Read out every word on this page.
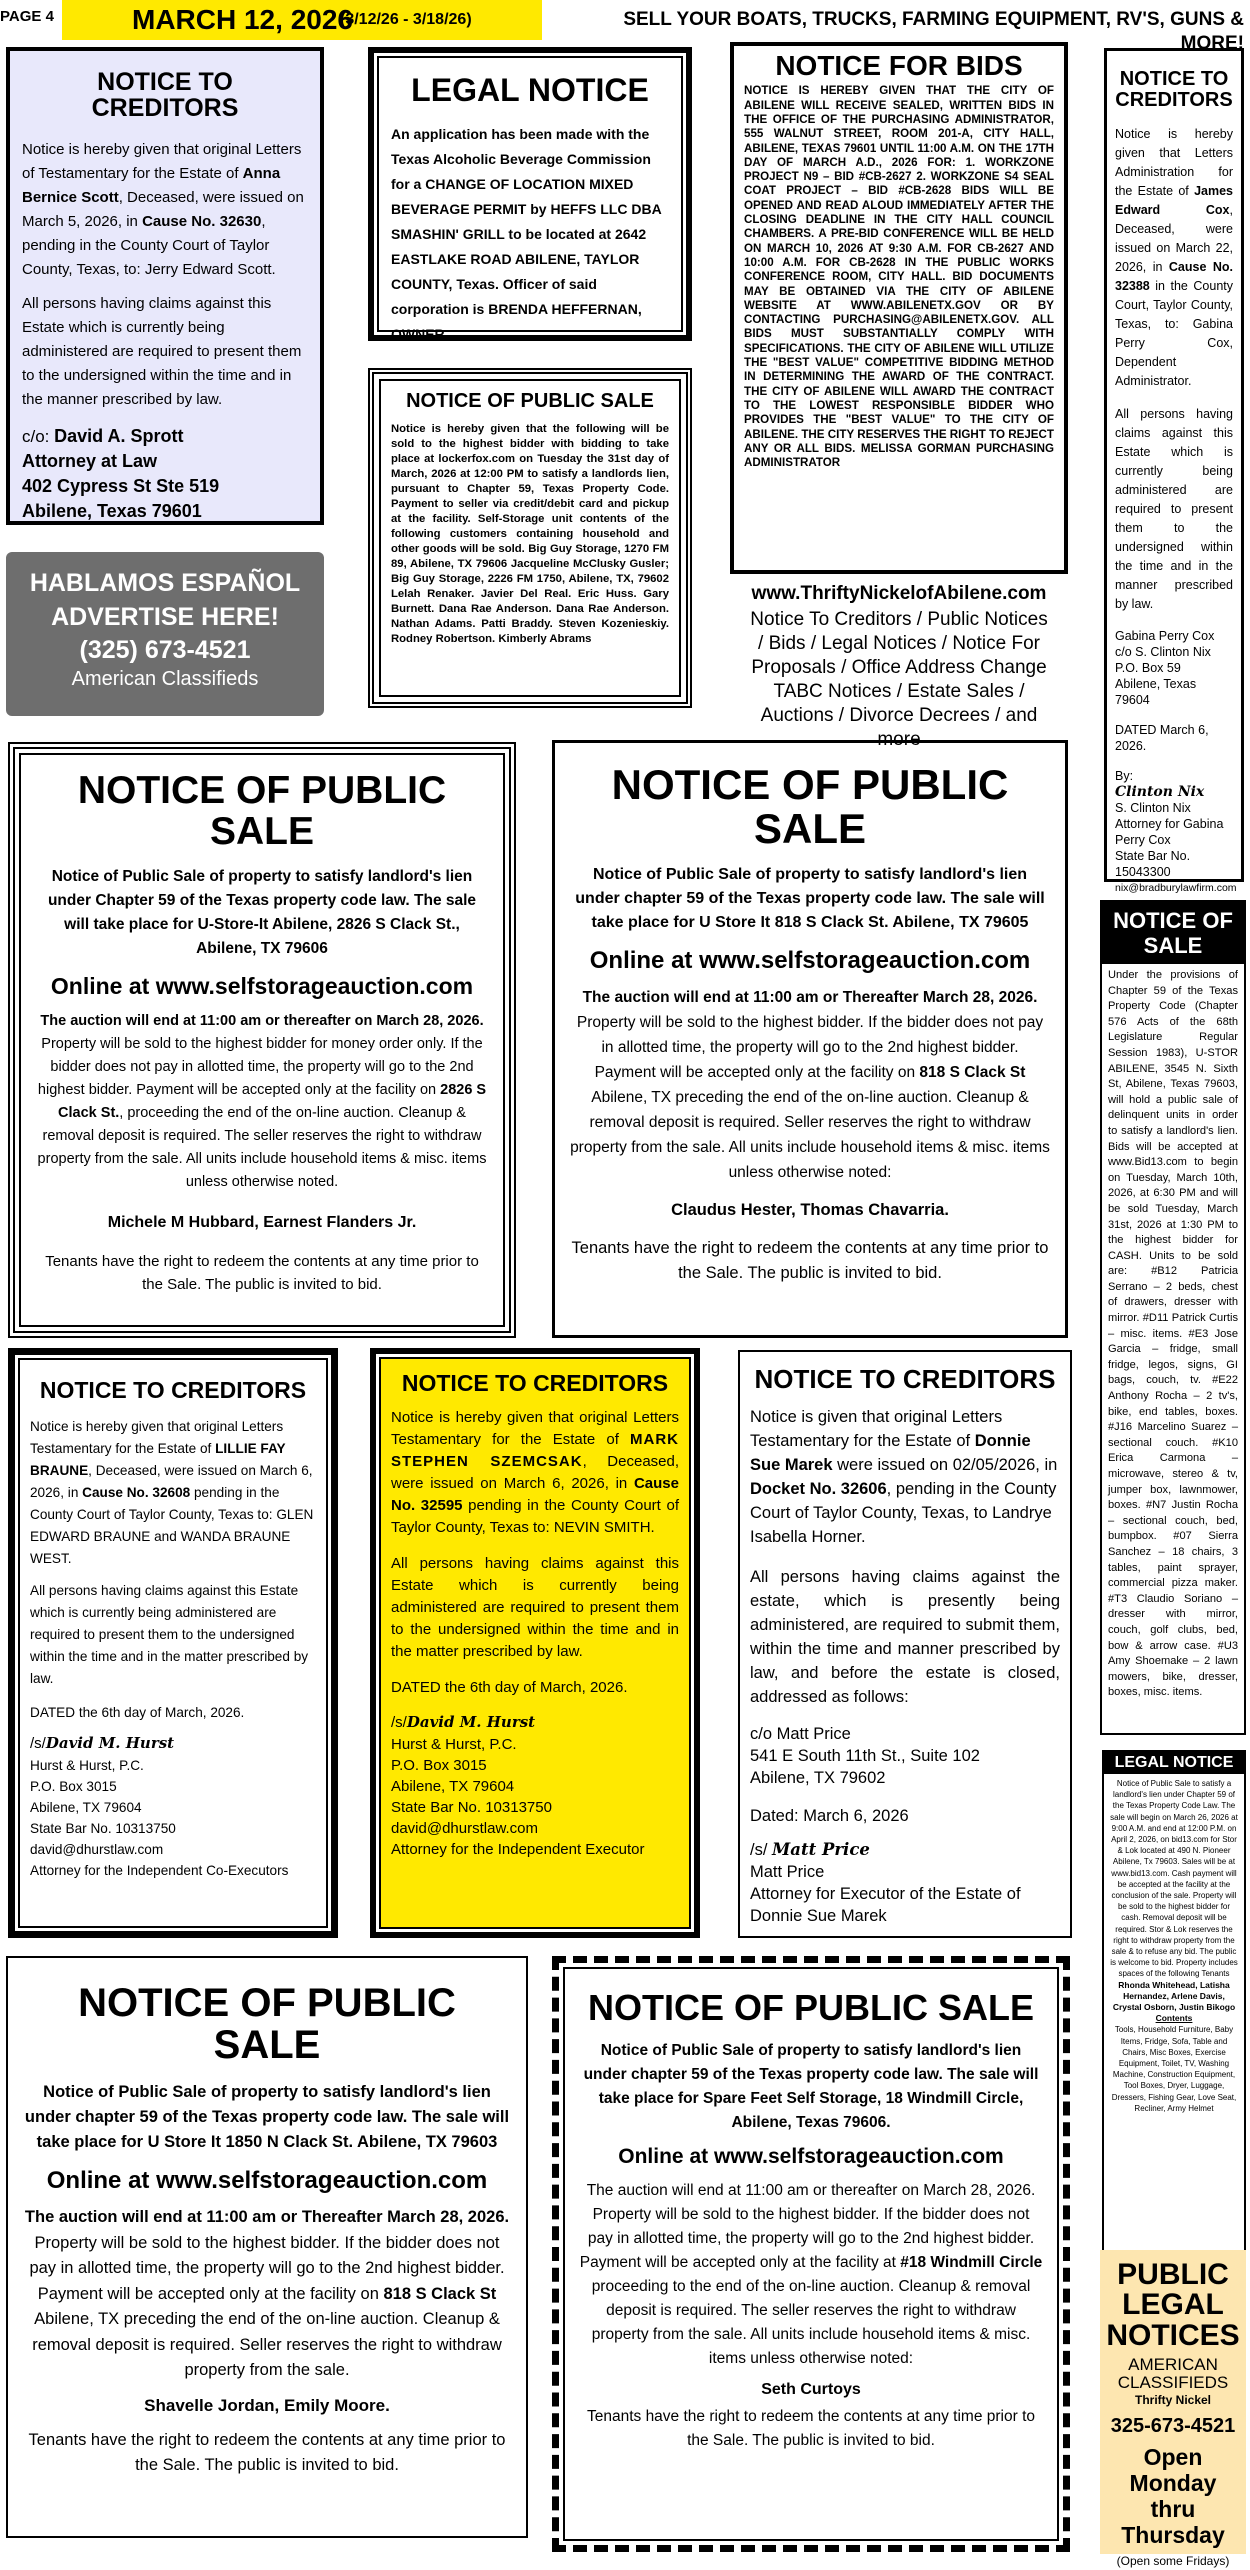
PAGE 4	MARCH 12, 2026
(3/12/26 - 3/18/26)	SELL YOUR BOATS, TRUCKS, FARMING EQUIPMENT, RV'S, GUNS & MORE!
NOTICE TO CREDITORS

Notice is hereby given that original Letters of Testamentary for the Estate of Anna Bernice Scott, Deceased, were issued on March 5, 2026, in Cause No. 32630, pending in the County Court of Taylor County, Texas, to: Jerry Edward Scott.

All persons having claims against this Estate which is currently being administered are required to present them to the undersigned within the time and in the manner prescribed by law.

c/o: David A. Sprott

Attorney at Law

402 Cypress St Ste 519

Abilene, Texas 79601

HABLAMOS ESPAÑOL
ADVERTISE HERE!
(325) 673-4521
American Classifieds
LEGAL NOTICE

An application has been made with the Texas Alcoholic Beverage Commission for a CHANGE OF LOCATION MIXED BEVERAGE PERMIT by HEFFS LLC DBA SMASHIN' GRILL to be located at 2642 EASTLAKE ROAD ABILENE, TAYLOR COUNTY, Texas. Officer of said corporation is BRENDA HEFFERNAN, OWNER.

NOTICE OF PUBLIC SALE

Notice is hereby given that the following will be sold to the highest bidder with bidding to take place at lockerfox.com on Tuesday the 31st day of March, 2026 at 12:00 PM to satisfy a landlords lien, pursuant to Chapter 59, Texas Property Code. Payment to seller via credit/debit card and pickup at the facility. Self-Storage unit contents of the following customers containing household and other goods will be sold. Big Guy Storage, 1270 FM 89, Abilene, TX 79606 Jacqueline McClusky Gusler; Big Guy Storage, 2226 FM 1750, Abilene, TX, 79602 Lelah Renaker. Javier Del Real. Eric Huss. Gary Burnett. Dana Rae Anderson. Dana Rae Anderson. Nathan Adams. Patti Braddy. Steven Kozenieskiy. Rodney Robertson. Kimberly Abrams

NOTICE FOR BIDS

NOTICE IS HEREBY GIVEN THAT THE CITY OF ABILENE WILL RECEIVE SEALED, WRITTEN BIDS IN THE OFFICE OF THE PURCHASING ADMINISTRATOR, 555 WALNUT STREET, ROOM 201-A, CITY HALL, ABILENE, TEXAS 79601 UNTIL 11:00 A.M. ON THE 17TH DAY OF MARCH A.D., 2026 FOR: 1. WORKZONE PROJECT N9 – BID #CB-2627 2. WORKZONE S4 SEAL COAT PROJECT – BID #CB-2628 BIDS WILL BE OPENED AND READ ALOUD IMMEDIATELY AFTER THE CLOSING DEADLINE IN THE CITY HALL COUNCIL CHAMBERS. A PRE-BID CONFERENCE WILL BE HELD ON MARCH 10, 2026 AT 9:30 A.M. FOR CB-2627 AND 10:00 A.M. FOR CB-2628 IN THE PUBLIC WORKS CONFERENCE ROOM, CITY HALL. BID DOCUMENTS MAY BE OBTAINED VIA THE CITY OF ABILENE WEBSITE AT WWW.ABILENETX.GOV OR BY CONTACTING PURCHASING@ABILENETX.GOV. ALL BIDS MUST SUBSTANTIALLY COMPLY WITH SPECIFICATIONS. THE CITY OF ABILENE WILL UTILIZE THE "BEST VALUE" COMPETITIVE BIDDING METHOD IN DETERMINING THE AWARD OF THE CONTRACT. THE CITY OF ABILENE WILL AWARD THE CONTRACT TO THE LOWEST RESPONSIBLE BIDDER WHO PROVIDES THE "BEST VALUE" TO THE CITY OF ABILENE. THE CITY RESERVES THE RIGHT TO REJECT ANY OR ALL BIDS. MELISSA GORMAN PURCHASING ADMINISTRATOR

www.ThriftyNickelofAbilene.com

Notice To Creditors / Public Notices / Bids / Legal Notices / Notice For Proposals / Office Address Change TABC Notices / Estate Sales / Auctions / Divorce Decrees / and more

NOTICE TO CREDITORS

Notice is hereby given that Letters Administration for the Estate of James Edward Cox, Deceased, were issued on March 22, 2026, in Cause No. 32388 in the County Court, Taylor County, Texas, to: Gabina Perry Cox, Dependent Administrator.

All persons having claims against this Estate which is currently being administered are required to present them to the undersigned within the time and in the manner prescribed by law.

Gabina Perry Cox

c/o S. Clinton Nix

P.O. Box 59

Abilene, Texas 79604

DATED March 6, 2026.

By:

Clinton Nix

S. Clinton Nix

Attorney for Gabina Perry Cox

State Bar No. 15043300

nix@bradburylawfirm.com

NOTICE OF PUBLIC SALE

Notice of Public Sale of property to satisfy landlord's lien under Chapter 59 of the Texas property code law. The sale will take place for U-Store-It Abilene, 2826 S Clack St., Abilene, TX 79606

Online at www.selfstorageauction.com

The auction will end at 11:00 am or thereafter on March 28, 2026. Property will be sold to the highest bidder for money order only. If the bidder does not pay in allotted time, the property will go to the 2nd highest bidder. Payment will be accepted only at the facility on 2826 S Clack St., proceeding the end of the on-line auction. Cleanup & removal deposit is required. The seller reserves the right to withdraw property from the sale. All units include household items & misc. items unless otherwise noted.

Michele M Hubbard, Earnest Flanders Jr.

Tenants have the right to redeem the contents at any time prior to the Sale. The public is invited to bid.

NOTICE OF PUBLIC SALE

Notice of Public Sale of property to satisfy landlord's lien under chapter 59 of the Texas property code law. The sale will take place for U Store It 818 S Clack St. Abilene, TX 79605

Online at www.selfstorageauction.com

The auction will end at 11:00 am or Thereafter March 28, 2026. Property will be sold to the highest bidder. If the bidder does not pay in allotted time, the property will go to the 2nd highest bidder. Payment will be accepted only at the facility on 818 S Clack St Abilene, TX preceding the end of the on-line auction. Cleanup & removal deposit is required. Seller reserves the right to withdraw property from the sale. All units include household items & misc. items unless otherwise noted:

Claudus Hester, Thomas Chavarria.

Tenants have the right to redeem the contents at any time prior to the Sale. The public is invited to bid.

NOTICE OF SALE

Under the provisions of Chapter 59 of the Texas Property Code (Chapter 576 Acts of the 68th Legislature Regular Session 1983), U-STOR ABILENE, 3545 N. Sixth St, Abilene, Texas 79603, will hold a public sale of delinquent units in order to satisfy a landlord's lien. Bids will be accepted at www.Bid13.com to begin on Tuesday, March 10th, 2026, at 6:30 PM and will be sold Tuesday, March 31st, 2026 at 1:30 PM to the highest bidder for CASH. Units to be sold are: #B12 Patricia Serrano – 2 beds, chest of drawers, dresser with mirror. #D11 Patrick Curtis – misc. items. #E3 Jose Garcia – fridge, small fridge, legos, signs, GI bags, couch, tv. #E22 Anthony Rocha – 2 tv's, bike, end tables, boxes. #J16 Marcelino Suarez – sectional couch. #K10 Erica Carmona – microwave, stereo & tv, jumper box, lawnmower, boxes. #N7 Justin Rocha – sectional couch, bed, bumpbox. #07 Sierra Sanchez – 18 chairs, 3 tables, paint sprayer, commercial pizza maker. #T3 Claudio Soriano – dresser with mirror, couch, golf clubs, bed, bow & arrow case. #U3 Amy Shoemake – 2 lawn mowers, bike, dresser, boxes, misc. items.

NOTICE TO CREDITORS

Notice is hereby given that original Letters Testamentary for the Estate of LILLIE FAY BRAUNE, Deceased, were issued on March 6, 2026, in Cause No. 32608 pending in the County Court of Taylor County, Texas to: GLEN EDWARD BRAUNE and WANDA BRAUNE WEST.

All persons having claims against this Estate which is currently being administered are required to present them to the undersigned within the time and in the matter prescribed by law.

DATED the 6th day of March, 2026.

/s/David M. Hurst

Hurst & Hurst, P.C.

P.O. Box 3015

Abilene, TX 79604

State Bar No. 10313750

david@dhurstlaw.com

Attorney for the Independent Co-Executors

NOTICE TO CREDITORS

Notice is hereby given that original Letters Testamentary for the Estate of MARK STEPHEN SZEMCSAK, Deceased, were issued on March 6, 2026, in Cause No. 32595 pending in the County Court of Taylor County, Texas to: NEVIN SMITH.

All persons having claims against this Estate which is currently being administered are required to present them to the undersigned within the time and in the matter prescribed by law.

DATED the 6th day of March, 2026.

/s/David M. Hurst

Hurst & Hurst, P.C.

P.O. Box 3015

Abilene, TX 79604

State Bar No. 10313750

david@dhurstlaw.com

Attorney for the Independent Executor

NOTICE TO CREDITORS

Notice is given that original Letters Testamentary for the Estate of Donnie Sue Marek were issued on 02/05/2026, in Docket No. 32606, pending in the County Court of Taylor County, Texas, to Landrye Isabella Horner.

All persons having claims against the estate, which is presently being administered, are required to submit them, within the time and manner prescribed by law, and before the estate is closed, addressed as follows:

c/o Matt Price

541 E South 11th St., Suite 102

Abilene, TX 79602

Dated: March 6, 2026

/s/ Matt Price

Matt Price

Attorney for Executor of the Estate of Donnie Sue Marek

LEGAL NOTICE

Notice of Public Sale to satisfy a landlord's lien under Chapter 59 of the Texas Property Code Law. The sale will begin on March 26, 2026 at 9:00 A.M. and end at 12:00 P.M. on April 2, 2026, on bid13.com for Stor & Lok located at 490 N. Pioneer Abilene, Tx 79603. Sales will be at www.bid13.com. Cash payment will be accepted at the facility at the conclusion of the sale. Property will be sold to the highest bidder for cash. Removal deposit will be required. Stor & Lok reserves the right to withdraw property from the sale & to refuse any bid. The public is welcome to bid. Property includes spaces of the following Tenants

Rhonda Whitehead, Latisha Hernandez, Arlene Davis, Crystal Osborn, Justin Bikogo

Contents

Tools, Household Furniture, Baby Items, Fridge, Sofa, Table and Chairs, Misc Boxes, Exercise Equipment, Toilet, TV, Washing Machine, Construction Equipment, Tool Boxes, Dryer, Luggage, Dressers, Fishing Gear, Love Seat, Recliner, Army Helmet

NOTICE OF PUBLIC SALE

Notice of Public Sale of property to satisfy landlord's lien under chapter 59 of the Texas property code law. The sale will take place for U Store It 1850 N Clack St. Abilene, TX 79603

Online at www.selfstorageauction.com

The auction will end at 11:00 am or Thereafter March 28, 2026. Property will be sold to the highest bidder. If the bidder does not pay in allotted time, the property will go to the 2nd highest bidder. Payment will be accepted only at the facility on 818 S Clack St Abilene, TX preceding the end of the on-line auction. Cleanup & removal deposit is required. Seller reserves the right to withdraw property from the sale.

Shavelle Jordan, Emily Moore.

Tenants have the right to redeem the contents at any time prior to the Sale. The public is invited to bid.

NOTICE OF PUBLIC SALE

Notice of Public Sale of property to satisfy landlord's lien under chapter 59 of the Texas property code law. The sale will take place for Spare Feet Self Storage, 18 Windmill Circle, Abilene, Texas 79606.

Online at www.selfstorageauction.com

The auction will end at 11:00 am or thereafter on March 28, 2026. Property will be sold to the highest bidder. If the bidder does not pay in allotted time, the property will go to the 2nd highest bidder. Payment will be accepted only at the facility at #18 Windmill Circle proceeding to the end of the on-line auction. Cleanup & removal deposit is required. The seller reserves the right to withdraw property from the sale. All units include household items & misc. items unless otherwise noted:

Seth Curtoys

Tenants have the right to redeem the contents at any time prior to the Sale. The public is invited to bid.

PUBLIC
LEGAL
NOTICES
AMERICAN
CLASSIFIEDS
Thrifty Nickel
325-673-4521
Open Monday
thru Thursday
(Open some Fridays)
